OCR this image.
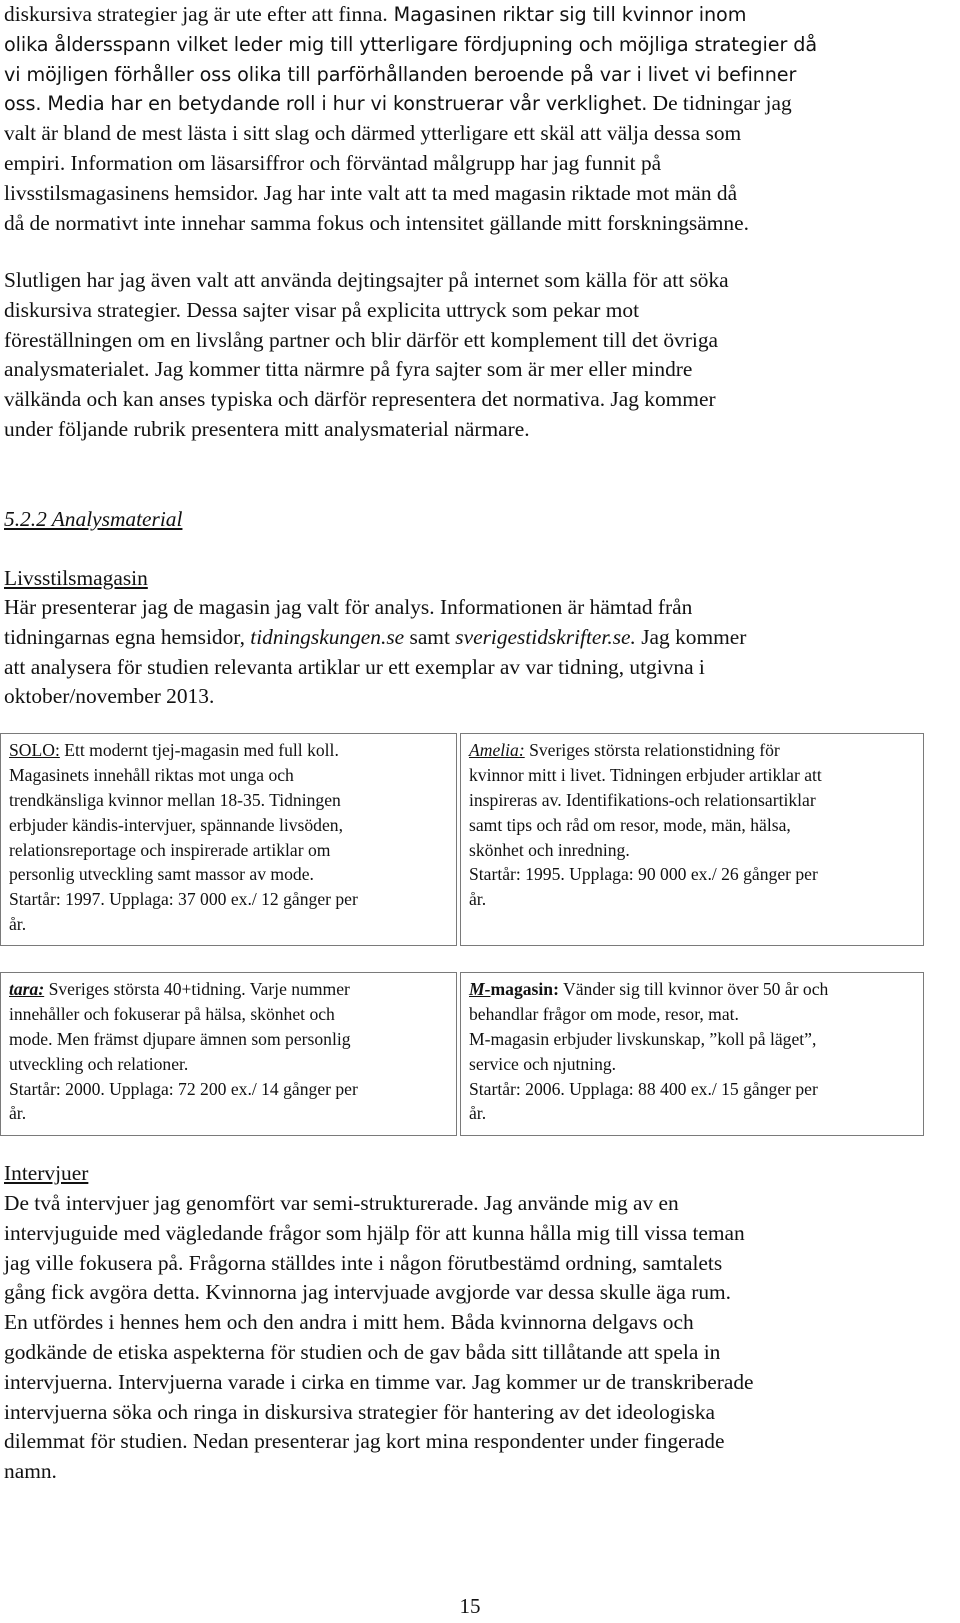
diskursiva strategier jag är ute efter att finna. Magasinen riktar sig till kvinnor inom
olika åldersspann vilket leder mig till ytterligare fördjupning och möjliga strategier då
vi möjligen förhåller oss olika till parförhållanden beroende på var i livet vi befinner
oss. Media har en betydande roll i hur vi konstruerar vår verklighet. De tidningar jag
valt är bland de mest lästa i sitt slag och därmed ytterligare ett skäl att välja dessa som
empiri. Information om läsarsiffror och förväntad målgrupp har jag funnit på
livsstilsmagasinens hemsidor. Jag har inte valt att ta med magasin riktade mot män då
då de normativt inte innehar samma fokus och intensitet gällande mitt forskningsämne.
Slutligen har jag även valt att använda dejtingsajter på internet som källa för att söka
diskursiva strategier. Dessa sajter visar på explicita uttryck som pekar mot
föreställningen om en livslång partner och blir därför ett komplement till det övriga
analysmaterialet. Jag kommer titta närmre på fyra sajter som är mer eller mindre
välkända och kan anses typiska och därför representera det normativa. Jag kommer
under följande rubrik presentera mitt analysmaterial närmare.
5.2.2 Analysmaterial
Livsstilsmagasin
Här presenterar jag de magasin jag valt för analys. Informationen är hämtad från
tidningarnas egna hemsidor, tidningskungen.se samt sverigestidskrifter.se. Jag kommer
att analysera för studien relevanta artiklar ur ett exemplar av var tidning, utgivna i
oktober/november 2013.
SOLO: Ett modernt tjej-magasin med full koll.
Magasinets innehåll riktas mot unga och
trendkänsliga kvinnor mellan 18-35. Tidningen
erbjuder kändis-intervjuer, spännande livsöden,
relationsreportage och inspirerade artiklar om
personlig utveckling samt massor av mode.
Startår: 1997. Upplaga: 37 000 ex./ 12 gånger per
år.
Amelia: Sveriges största relationstidning för
kvinnor mitt i livet. Tidningen erbjuder artiklar att
inspireras av. Identifikations-och relationsartiklar
samt tips och råd om resor, mode, män, hälsa,
skönhet och inredning.
Startår: 1995. Upplaga: 90 000 ex./ 26 gånger per
år.
tara: Sveriges största 40+tidning. Varje nummer
innehåller och fokuserar på hälsa, skönhet och
mode. Men främst djupare ämnen som personlig
utveckling och relationer.
Startår: 2000. Upplaga: 72 200 ex./ 14 gånger per
år.
M-magasin: Vänder sig till kvinnor över 50 år och
behandlar frågor om mode, resor, mat.
M-magasin erbjuder livskunskap, ”koll på läget”,
service och njutning.
Startår: 2006. Upplaga: 88 400 ex./ 15 gånger per
år.
Intervjuer
De två intervjuer jag genomfört var semi-strukturerade. Jag använde mig av en
intervjuguide med vägledande frågor som hjälp för att kunna hålla mig till vissa teman
jag ville fokusera på. Frågorna ställdes inte i någon förutbestämd ordning, samtalets
gång fick avgöra detta. Kvinnorna jag intervjuade avgjorde var dessa skulle äga rum.
En utfördes i hennes hem och den andra i mitt hem. Båda kvinnorna delgavs och
godkände de etiska aspekterna för studien och de gav båda sitt tillåtande att spela in
intervjuerna. Intervjuerna varade i cirka en timme var. Jag kommer ur de transkriberade
intervjuerna söka och ringa in diskursiva strategier för hantering av det ideologiska
dilemmat för studien. Nedan presenterar jag kort mina respondenter under fingerade
namn.
15
